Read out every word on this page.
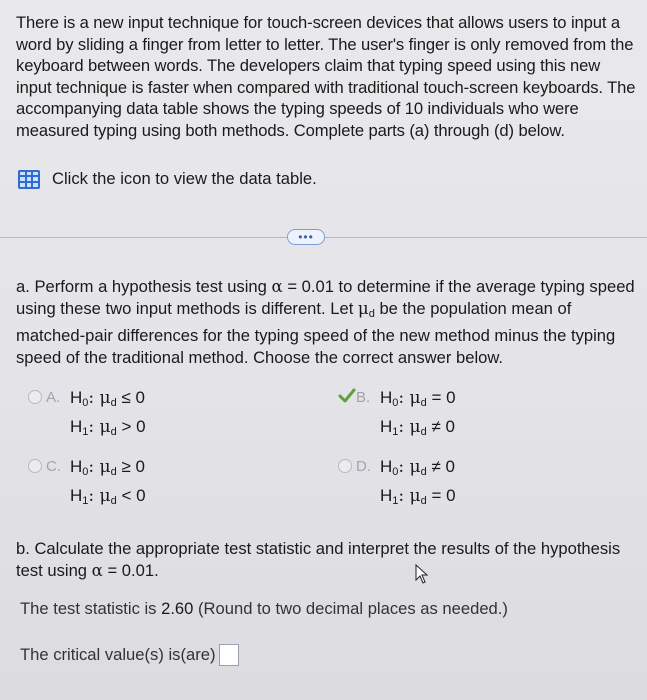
There is a new input technique for touch-screen devices that allows users to input a word by sliding a finger from letter to letter. The user's finger is only removed from the keyboard between words. The developers claim that typing speed using this new input technique is faster when compared with traditional touch-screen keyboards. The accompanying data table shows the typing speeds of 10 individuals who were measured typing using both methods. Complete parts (a) through (d) below.

Click the icon to view the data table.
•••

a. Perform a hypothesis test using α = 0.01 to determine if the average typing speed using these two input methods is different. Let $\mu_d$ be the population mean of matched-pair differences for the typing speed of the new method minus the typing speed of the traditional method. Choose the correct answer below.

A. $H_0$: $\mu_d \le 0$
$H_1$: $\mu_d > 0$
B. $H_0$: $\mu_d = 0$
$H_1$: $\mu_d \ne 0$
C. $H_0$: $\mu_d \ge 0$
$H_1$: $\mu_d < 0$
D. $H_0$: $\mu_d \ne 0$
$H_1$: $\mu_d = 0$

b. Calculate the appropriate test statistic and interpret the results of the hypothesis test using α = 0.01.

The test statistic is 2.60 (Round to two decimal places as needed.)
The critical value(s) is(are)
